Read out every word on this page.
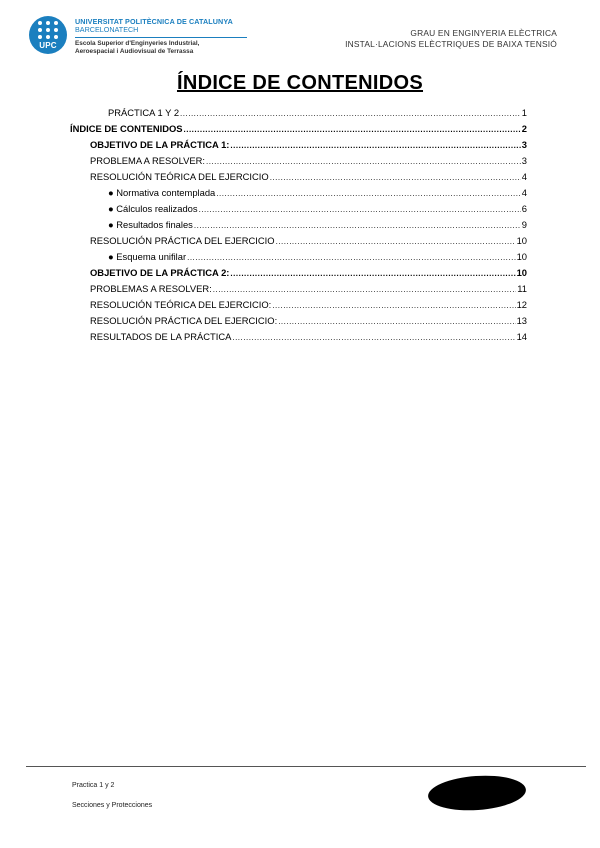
UPC
UNIVERSITAT POLITÈCNICA DE CATALUNYA
BARCELONATECH
Escola Superior d'Enginyeries Industrial,
Aeroespacial i Audiovisual de Terrassa
GRAU EN ENGINYERIA ELÈCTRICA
INSTAL·LACIONS ELÈCTRIQUES DE BAIXA TENSIÓ
ÍNDICE DE CONTENIDOS
PRÁCTICA 1 Y 2 .....	1
ÍNDICE DE CONTENIDOS .....	2
OBJETIVO DE LA PRÁCTICA 1: .....	3
PROBLEMA A RESOLVER: .....	3
RESOLUCIÓN TEÓRICA DEL EJERCICIO .....	4
● Normativa contemplada .....	4
● Cálculos realizados .....	6
● Resultados finales .....	9
RESOLUCIÓN PRÁCTICA DEL EJERCICIO .....	10
● Esquema unifilar .....	10
OBJETIVO DE LA PRÁCTICA 2: .....	10
PROBLEMAS A RESOLVER: .....	11
RESOLUCIÓN TEÓRICA DEL EJERCICIO: .....	12
RESOLUCIÓN PRÁCTICA DEL EJERCICIO: .....	13
RESULTADOS DE LA PRÁCTICA .....	14
Practica 1 y 2
Secciones y Protecciones
